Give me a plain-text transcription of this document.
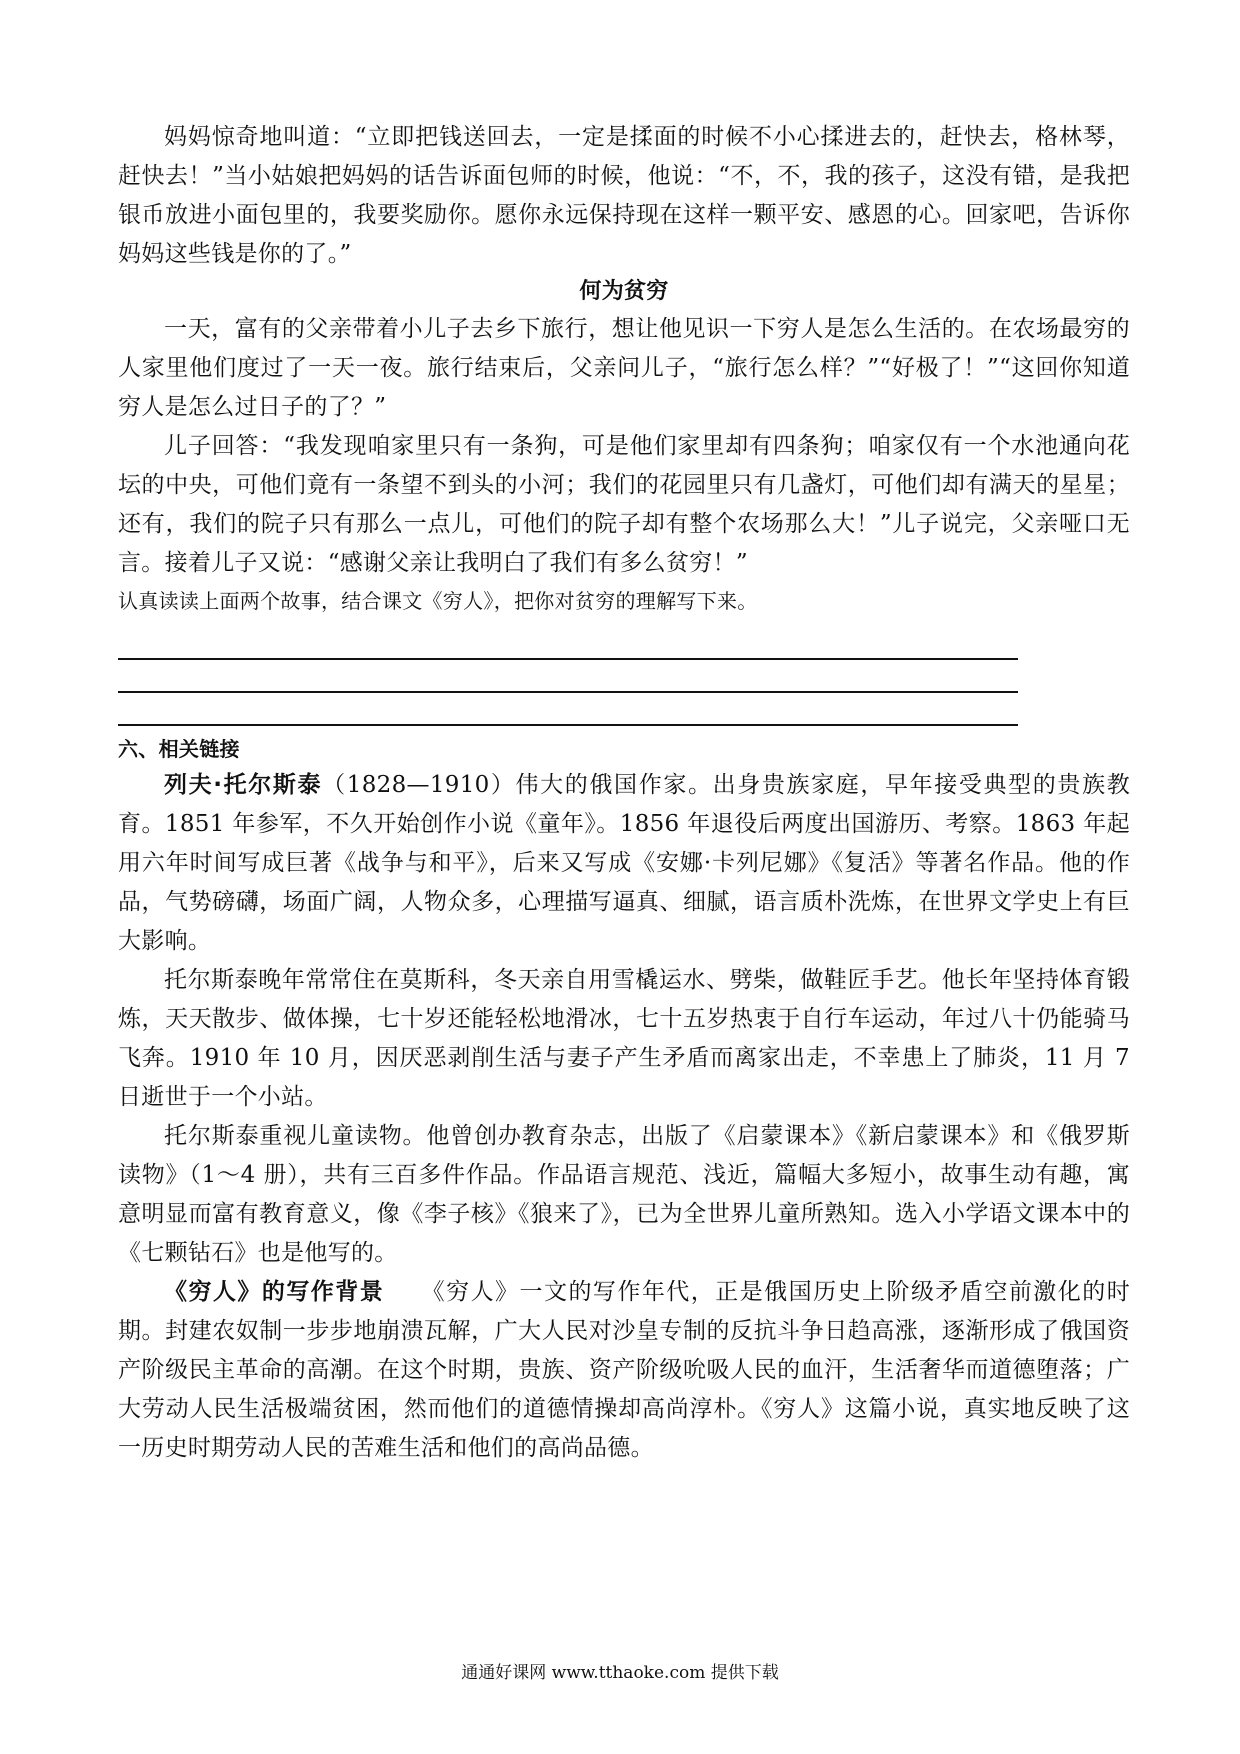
妈妈惊奇地叫道：“立即把钱送回去，一定是揉面的时候不小心揉进去的，赶快去，格林琴，赶快去！”当小姑娘把妈妈的话告诉面包师的时候，他说：“不，不，我的孩子，这没有错，是我把银币放进小面包里的，我要奖励你。愿你永远保持现在这样一颗平安、感恩的心。回家吧，告诉你妈妈这些钱是你的了。”

何为贫穷

一天，富有的父亲带着小儿子去乡下旅行，想让他见识一下穷人是怎么生活的。在农场最穷的人家里他们度过了一天一夜。旅行结束后，父亲问儿子，“旅行怎么样？”“好极了！”“这回你知道穷人是怎么过日子的了？”

儿子回答：“我发现咱家里只有一条狗，可是他们家里却有四条狗；咱家仅有一个水池通向花坛的中央，可他们竟有一条望不到头的小河；我们的花园里只有几盏灯，可他们却有满天的星星；还有，我们的院子只有那么一点儿，可他们的院子却有整个农场那么大！”儿子说完，父亲哑口无言。接着儿子又说：“感谢父亲让我明白了我们有多么贫穷！”

认真读读上面两个故事，结合课文《穷人》，把你对贫穷的理解写下来。

六、相关链接

列夫·托尔斯泰（1828—1910）伟大的俄国作家。出身贵族家庭，早年接受典型的贵族教育。1851 年参军，不久开始创作小说《童年》。1856 年退役后两度出国游历、考察。1863 年起用六年时间写成巨著《战争与和平》，后来又写成《安娜·卡列尼娜》《复活》等著名作品。他的作品，气势磅礴，场面广阔，人物众多，心理描写逼真、细腻，语言质朴洗炼，在世界文学史上有巨大影响。

托尔斯泰晚年常常住在莫斯科，冬天亲自用雪橇运水、劈柴，做鞋匠手艺。他长年坚持体育锻炼，天天散步、做体操，七十岁还能轻松地滑冰，七十五岁热衷于自行车运动，年过八十仍能骑马飞奔。1910 年 10 月，因厌恶剥削生活与妻子产生矛盾而离家出走，不幸患上了肺炎，11 月 7 日逝世于一个小站。

托尔斯泰重视儿童读物。他曾创办教育杂志，出版了《启蒙课本》《新启蒙课本》和《俄罗斯读物》（1～4 册），共有三百多件作品。作品语言规范、浅近，篇幅大多短小，故事生动有趣，寓意明显而富有教育意义，像《李子核》《狼来了》，已为全世界儿童所熟知。选入小学语文课本中的《七颗钻石》也是他写的。

《穷人》的写作背景　　 《穷人》一文的写作年代，正是俄国历史上阶级矛盾空前激化的时期。封建农奴制一步步地崩溃瓦解，广大人民对沙皇专制的反抗斗争日趋高涨，逐渐形成了俄国资产阶级民主革命的高潮。在这个时期，贵族、资产阶级吮吸人民的血汗，生活奢华而道德堕落；广大劳动人民生活极端贫困，然而他们的道德情操却高尚淳朴。《穷人》这篇小说，真实地反映了这一历史时期劳动人民的苦难生活和他们的高尚品德。

通通好课网 www.tthaoke.com 提供下载
